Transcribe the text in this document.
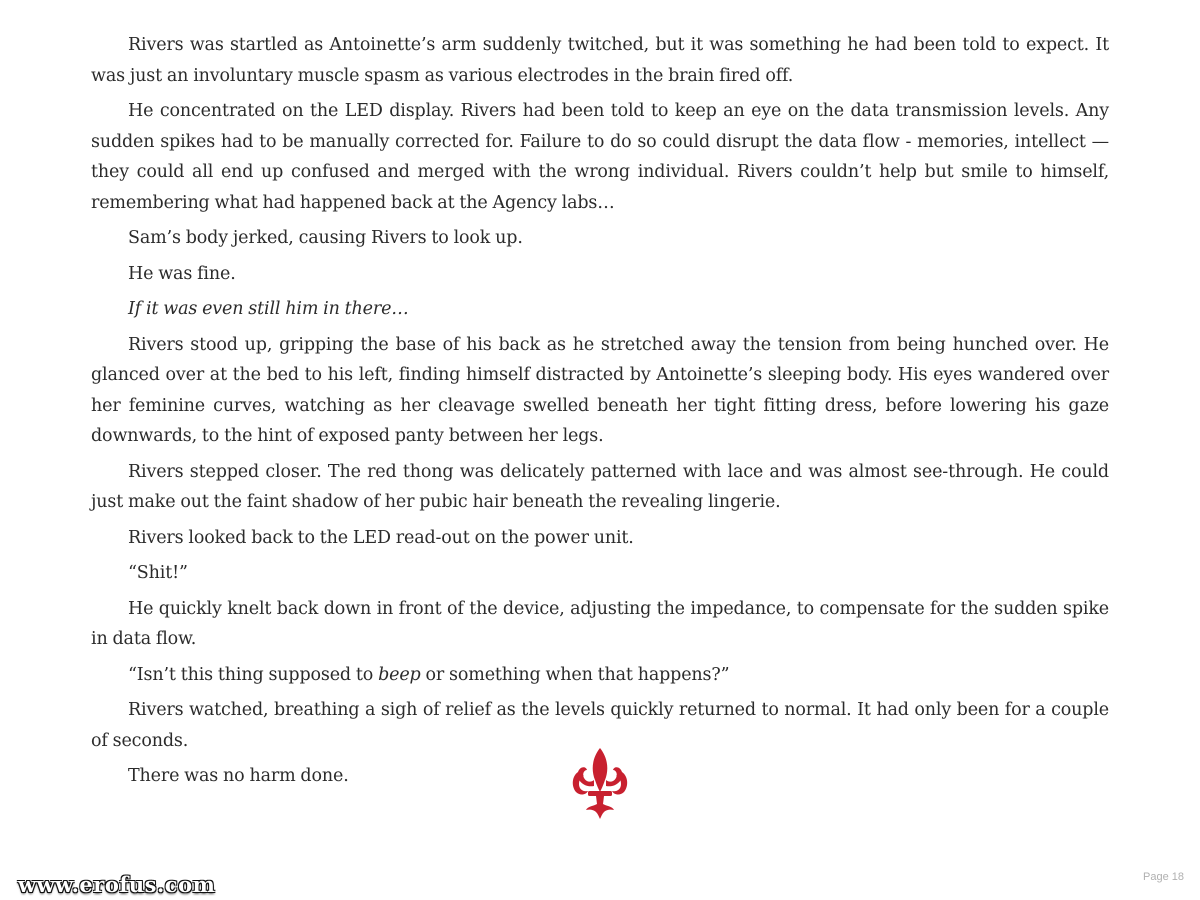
Rivers was startled as Antoinette’s arm suddenly twitched, but it was something he had been told to expect. It was just an involuntary muscle spasm as various electrodes in the brain fired off.

He concentrated on the LED display. Rivers had been told to keep an eye on the data transmission levels. Any sudden spikes had to be manually corrected for. Failure to do so could disrupt the data flow - memories, intellect — they could all end up confused and merged with the wrong individual. Rivers couldn’t help but smile to himself, remembering what had happened back at the Agency labs…

Sam’s body jerked, causing Rivers to look up.

He was fine.

If it was even still him in there…

Rivers stood up, gripping the base of his back as he stretched away the tension from being hunched over. He glanced over at the bed to his left, finding himself distracted by Antoinette’s sleeping body. His eyes wandered over her feminine curves, watching as her cleavage swelled beneath her tight fitting dress, before lowering his gaze downwards, to the hint of exposed panty between her legs.

Rivers stepped closer. The red thong was delicately patterned with lace and was almost see-through. He could just make out the faint shadow of her pubic hair beneath the revealing lingerie.

Rivers looked back to the LED read-out on the power unit.

“Shit!”

He quickly knelt back down in front of the device, adjusting the impedance, to compensate for the sudden spike in data flow.

“Isn’t this thing supposed to beep or something when that happens?”

Rivers watched, breathing a sigh of relief as the levels quickly returned to normal. It had only been for a couple of seconds.

There was no harm done.

www.erofus.com	Page 18
